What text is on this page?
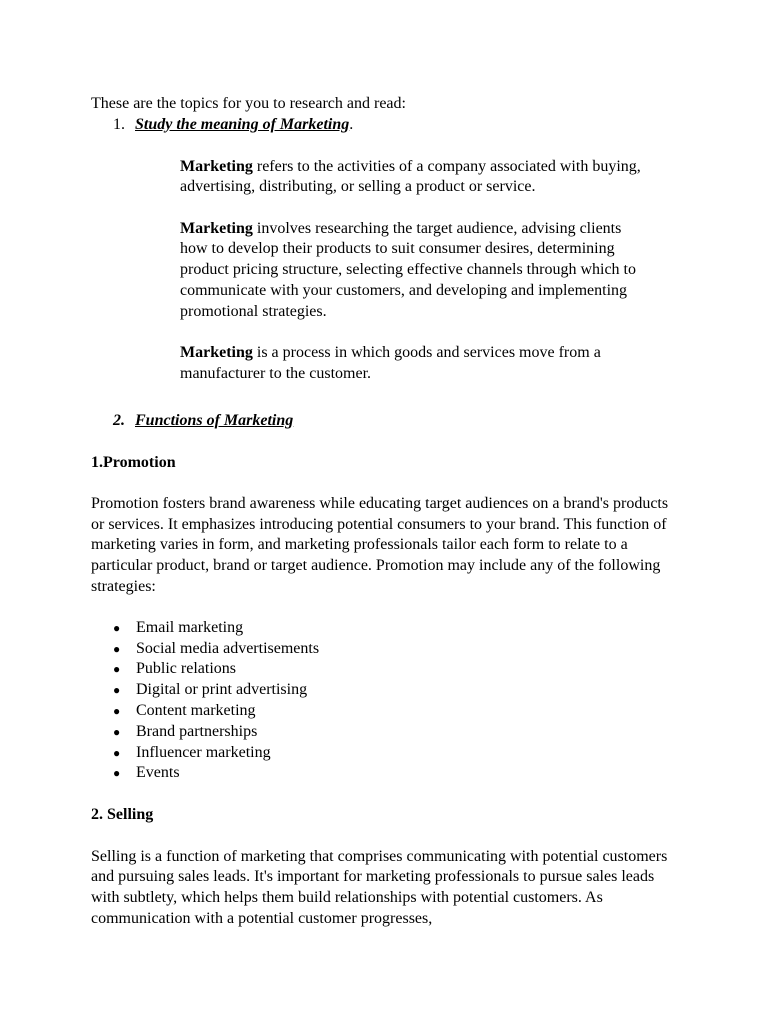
These are the topics for you to research and read:

1. Study the meaning of Marketing.

Marketing refers to the activities of a company associated with buying, advertising, distributing, or selling a product or service.

Marketing involves researching the target audience, advising clients how to develop their products to suit consumer desires, determining product pricing structure, selecting effective channels through which to communicate with your customers, and developing and implementing promotional strategies.

Marketing is a process in which goods and services move from a manufacturer to the customer.

2. Functions of Marketing

1.Promotion

Promotion fosters brand awareness while educating target audiences on a brand's products or services. It emphasizes introducing potential consumers to your brand. This function of marketing varies in form, and marketing professionals tailor each form to relate to a particular product, brand or target audience. Promotion may include any of the following strategies:

● Email marketing
● Social media advertisements
● Public relations
● Digital or print advertising
● Content marketing
● Brand partnerships
● Influencer marketing
● Events

2. Selling

Selling is a function of marketing that comprises communicating with potential customers and pursuing sales leads. It's important for marketing professionals to pursue sales leads with subtlety, which helps them build relationships with potential customers. As communication with a potential customer progresses,
